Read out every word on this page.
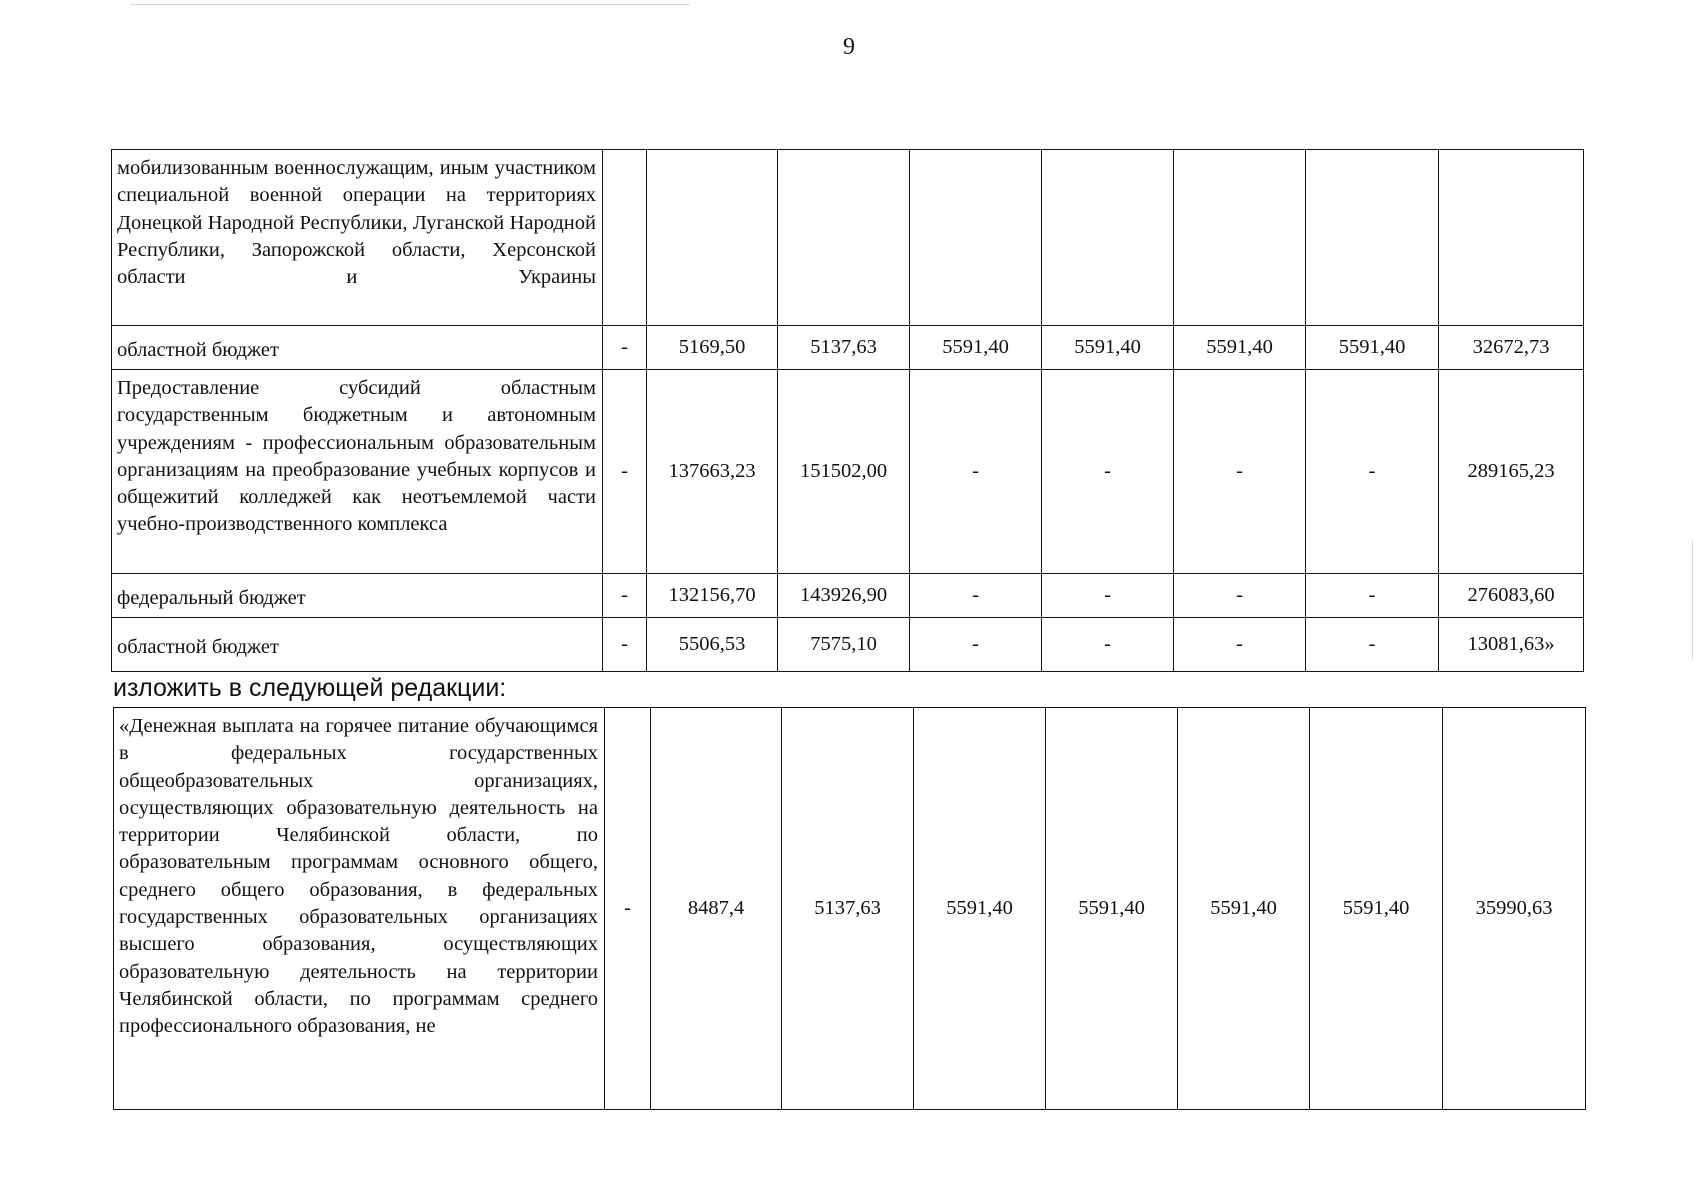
9
мобилизованным военнослужащим, иным участником специальной военной операции на территориях Донецкой Народной Республики, Луганской Народной Республики, Запорожской области, Херсонской области и Украины								
областной бюджет	-	5169,50	5137,63	5591,40	5591,40	5591,40	5591,40	32672,73
Предоставление субсидий областным государственным бюджетным и автономным учреждениям - профессиональным образовательным организациям на преобразование учебных корпусов и общежитий колледжей как неотъемлемой части учебно-производственного комплекса	-	137663,23	151502,00	-	-	-	-	289165,23
федеральный бюджет	-	132156,70	143926,90	-	-	-	-	276083,60
областной бюджет	-	5506,53	7575,10	-	-	-	-	13081,63»
изложить в следующей редакции:
«Денежная выплата на горячее питание обучающимся в федеральных государственных общеобразовательных организациях, осуществляющих образовательную деятельность на территории Челябинской области, по образовательным программам основного общего, среднего общего образования, в федеральных государственных образовательных организациях высшего образования, осуществляющих образовательную деятельность на территории Челябинской области, по программам среднего профессионального образования, не	-	8487,4	5137,63	5591,40	5591,40	5591,40	5591,40	35990,63
